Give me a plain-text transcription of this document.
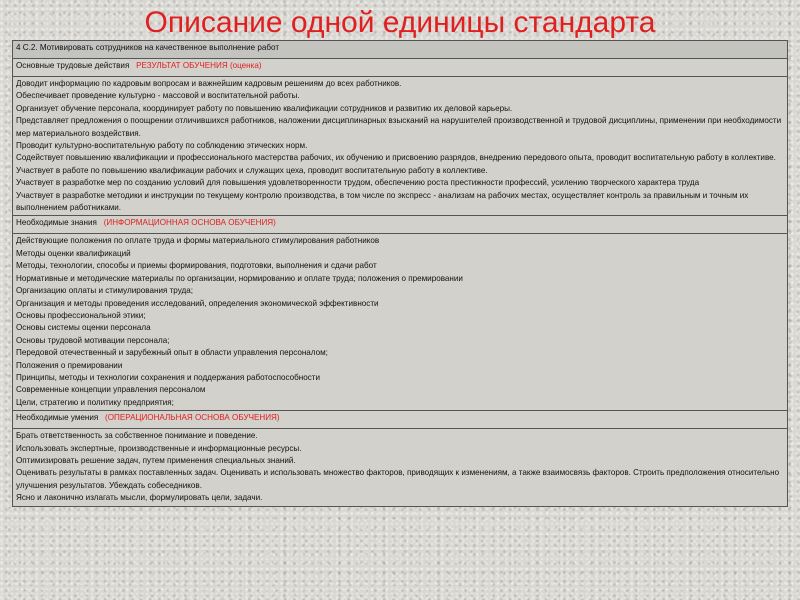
Описание одной единицы стандарта
4 С.2. Мотивировать сотрудников на качественное выполнение работ
Основные трудовые действия РЕЗУЛЬТАТ ОБУЧЕНИЯ (оценка)

Доводит информацию по кадровым вопросам и важнейшим кадровым решениям до всех работников.
Обеспечивает проведение культурно - массовой и воспитательной работы.
Организует обучение персонала, координирует работу по повышению квалификации сотрудников и развитию их деловой карьеры.
Представляет предложения о поощрении отличившихся работников, наложении дисциплинарных взысканий на нарушителей производственной и трудовой дисциплины, применении при необходимости мер материального воздействия.
Проводит культурно-воспитательную работу по соблюдению этических норм.
Содействует повышению квалификации и профессионального мастерства рабочих, их обучению и присвоению разрядов, внедрению передового опыта, проводит воспитательную работу в коллективе.
Участвует в работе по повышению квалификации рабочих и служащих цеха, проводит воспитательную работу в коллективе.
Участвует в разработке мер по созданию условий для повышения удовлетворенности трудом, обеспечению роста престижности профессий, усилению творческого характера труда
Участвует в разработке методики и инструкции по текущему контролю производства, в том числе по экспресс - анализам на рабочих местах, осуществляет контроль за правильным и точным их выполнением работниками.

Необходимые знания (ИНФОРМАЦИОННАЯ ОСНОВА ОБУЧЕНИЯ)

Действующие положения по оплате труда и формы материального стимулирования работников
Методы оценки квалификаций
Методы, технологии, способы и приемы формирования, подготовки, выполнения и сдачи работ
Нормативные и методические материалы по организации, нормированию и оплате труда; положения о премировании
Организацию оплаты и стимулирования труда;
Организация и методы проведения исследований, определения экономической эффективности
Основы профессиональной этики;
Основы системы оценки персонала
Основы трудовой мотивации персонала;
Передовой отечественный и зарубежный опыт в области управления персоналом;
Положения о премировании
Принципы, методы и технологии сохранения и поддержания работоспособности
Современные концепции управления персоналом
Цели, стратегию и политику предприятия;

Необходимые умения (ОПЕРАЦИОНАЛЬНАЯ ОСНОВА ОБУЧЕНИЯ)

Брать ответственность за собственное понимание и поведение.
Использовать экспертные, производственные и информационные ресурсы.
Оптимизировать решение задач, путем применения специальных знаний.
Оценивать результаты в рамках поставленных задач. Оценивать и использовать множество факторов, приводящих к изменениям, а также взаимосвязь факторов. Строить предположения относительно улучшения результатов. Убеждать собеседников.
Ясно и лаконично излагать мысли, формулировать цели, задачи.
